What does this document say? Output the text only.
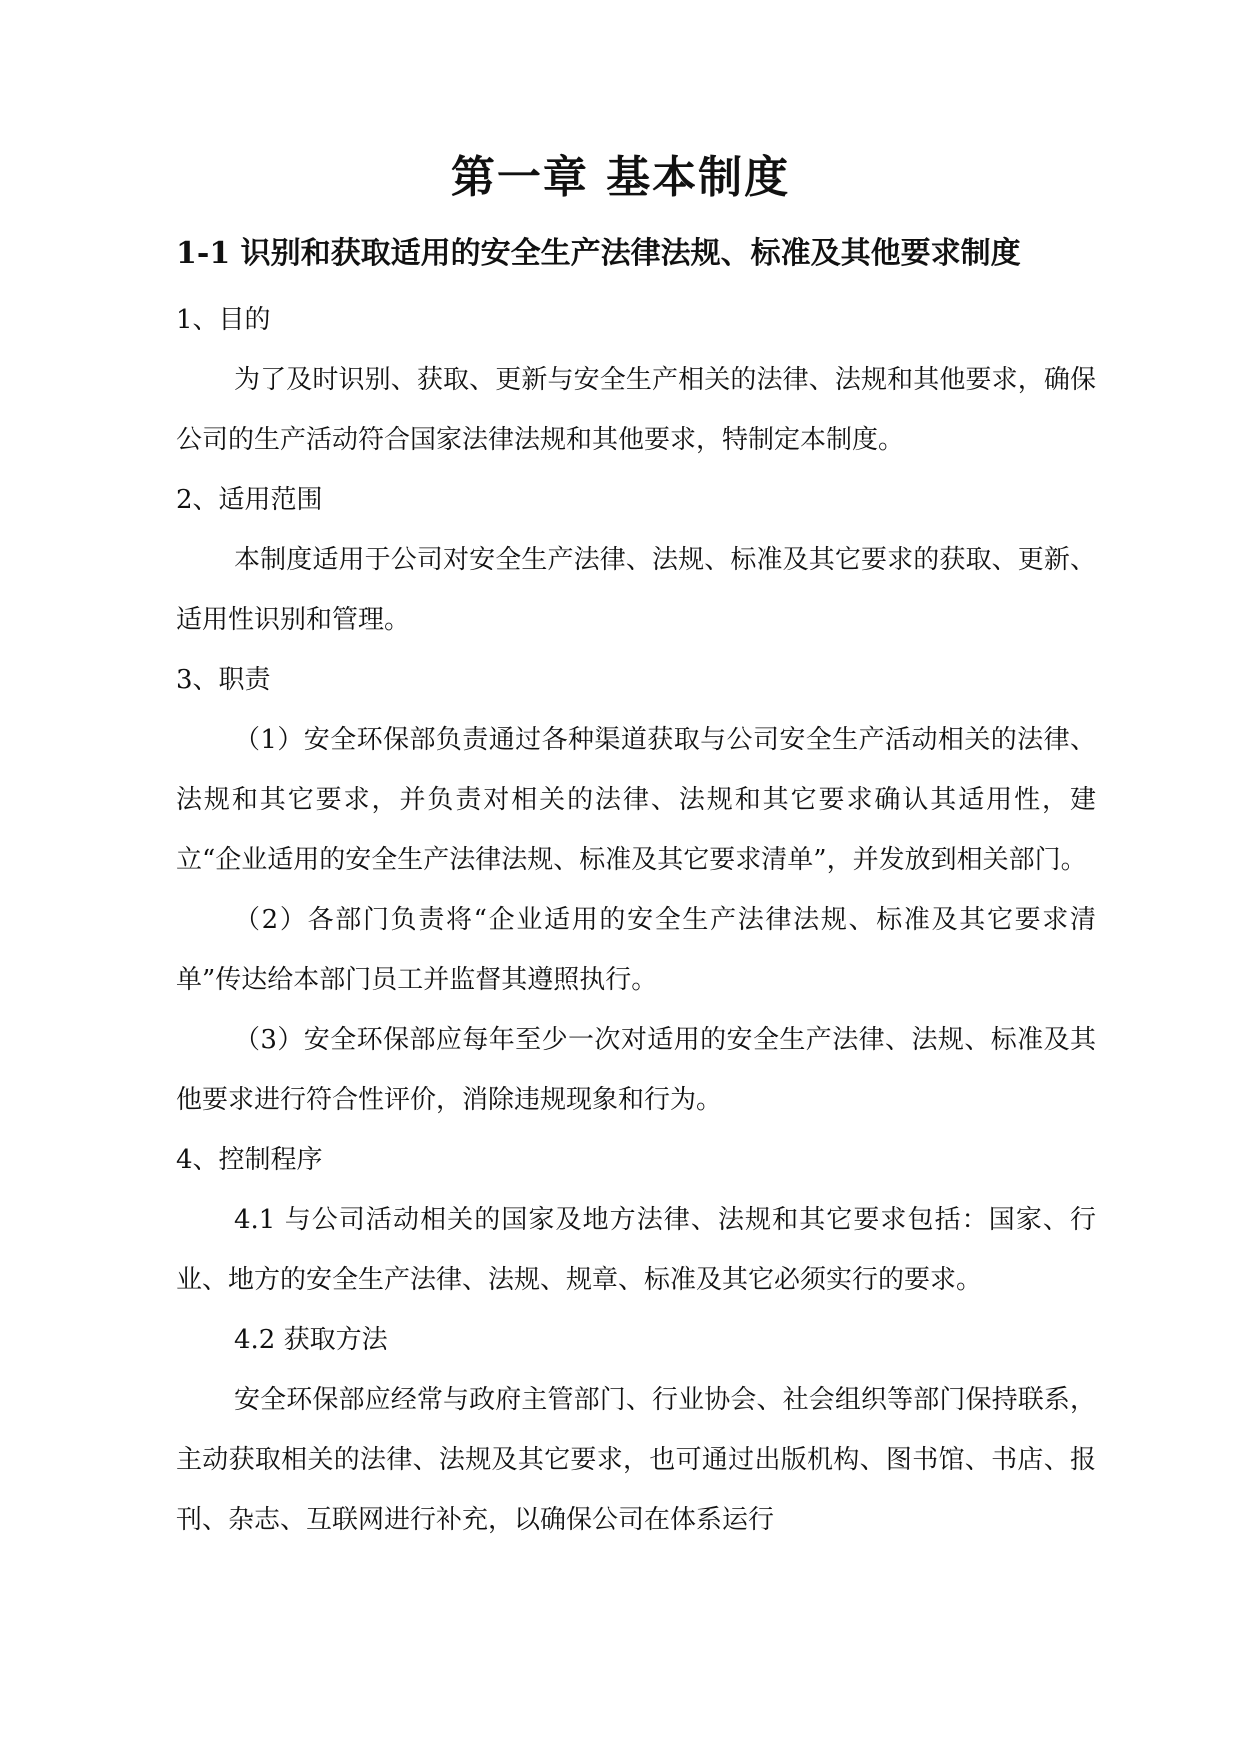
第一章 基本制度
1-1 识别和获取适用的安全生产法律法规、标准及其他要求制度

1、目的

为了及时识别、获取、更新与安全生产相关的法律、法规和其他要求，确保公司的生产活动符合国家法律法规和其他要求，特制定本制度。

2、适用范围

本制度适用于公司对安全生产法律、法规、标准及其它要求的获取、更新、适用性识别和管理。

3、职责

（1）安全环保部负责通过各种渠道获取与公司安全生产活动相关的法律、法规和其它要求，并负责对相关的法律、法规和其它要求确认其适用性，建立“企业适用的安全生产法律法规、标准及其它要求清单”，并发放到相关部门。

（2）各部门负责将“企业适用的安全生产法律法规、标准及其它要求清单”传达给本部门员工并监督其遵照执行。

（3）安全环保部应每年至少一次对适用的安全生产法律、法规、标准及其他要求进行符合性评价，消除违规现象和行为。

4、控制程序

4.1 与公司活动相关的国家及地方法律、法规和其它要求包括：国家、行业、地方的安全生产法律、法规、规章、标准及其它必须实行的要求。

4.2 获取方法

安全环保部应经常与政府主管部门、行业协会、社会组织等部门保持联系，主动获取相关的法律、法规及其它要求，也可通过出版机构、图书馆、书店、报刊、杂志、互联网进行补充，以确保公司在体系运行
